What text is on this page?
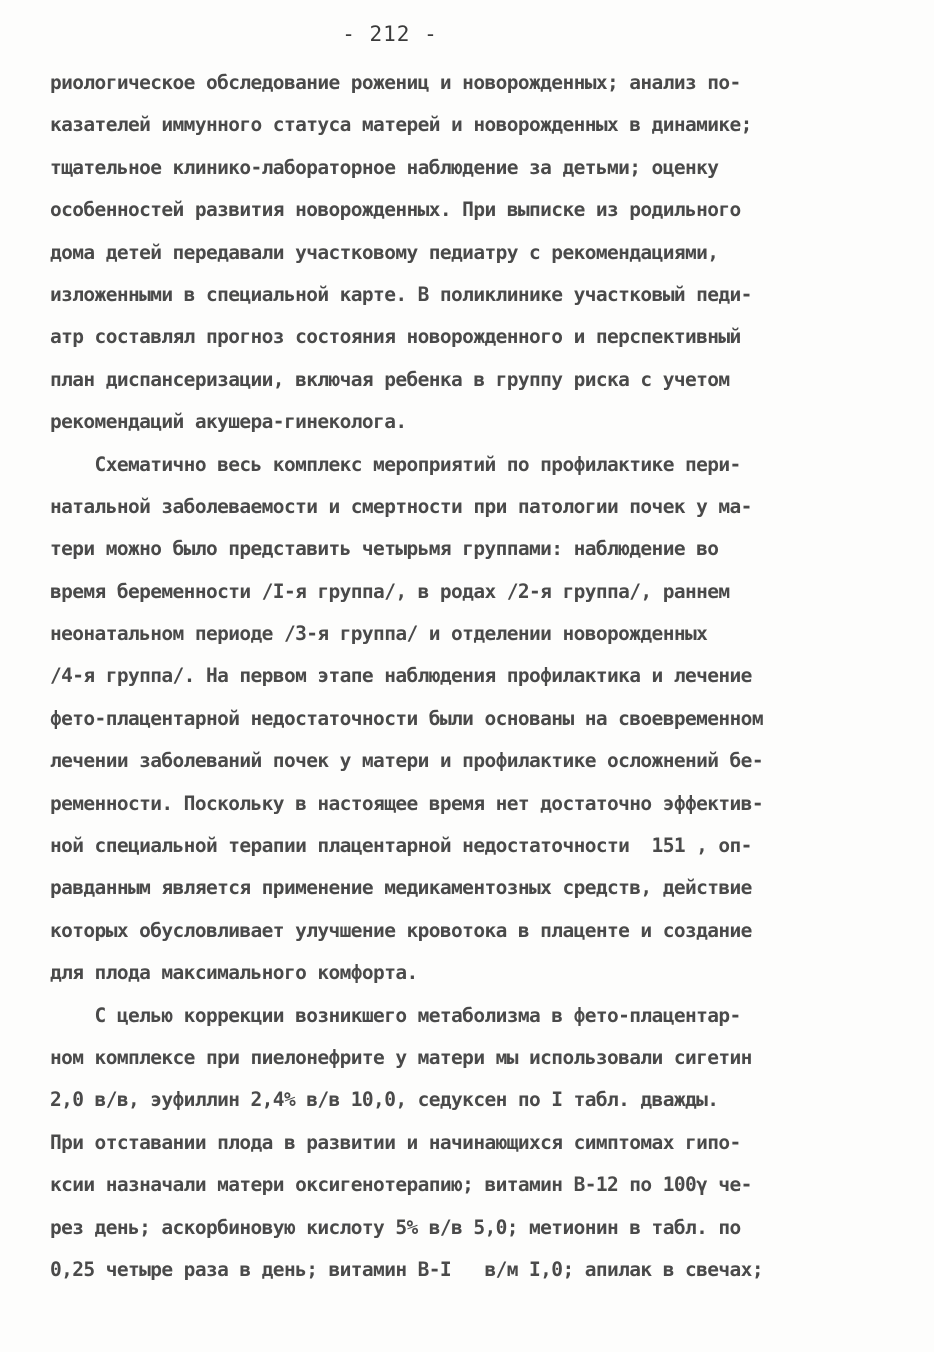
- 212 -
риологическое обследование рожениц и новорожденных; анализ по-
казателей иммунного статуса матерей и новорожденных в динамике;
тщательное клинико-лабораторное наблюдение за детьми; оценку
особенностей развития новорожденных. При выписке из родильного
дома детей передавали участковому педиатру с рекомендациями,
изложенными в специальной карте. В поликлинике участковый педи-
атр составлял прогноз состояния новорожденного и перспективный
план диспансеризации, включая ребенка в группу риска с учетом
рекомендаций акушера-гинеколога.
Схематично весь комплекс мероприятий по профилактике пери-
натальной заболеваемости и смертности при патологии почек у ма-
тери можно было представить четырьмя группами: наблюдение во
время беременности /I-я группа/, в родах /2-я группа/, раннем
неонатальном периоде /3-я группа/ и отделении новорожденных
/4-я группа/. На первом этапе наблюдения профилактика и лечение
фето-плацентарной недостаточности были основаны на своевременном
лечении заболеваний почек у матери и профилактике осложнений бе-
ременности. Поскольку в настоящее время нет достаточно эффектив-
ной специальной терапии плацентарной недостаточности  151 , оп-
равданным является применение медикаментозных средств, действие
которых обусловливает улучшение кровотока в плаценте и создание
для плода максимального комфорта.
С целью коррекции возникшего метаболизма в фето-плацентар-
ном комплексе при пиелонефрите у матери мы использовали сигетин
2,0 в/в, эуфиллин 2,4% в/в 10,0, седуксен по I табл. дважды.
При отставании плода в развитии и начинающихся симптомах гипо-
ксии назначали матери оксигенотерапию; витамин В-12 по 100γ че-
рез день; аскорбиновую кислоту 5% в/в 5,0; метионин в табл. по
0,25 четыре раза в день; витамин В-I   в/м I,0; апилак в свечах;
